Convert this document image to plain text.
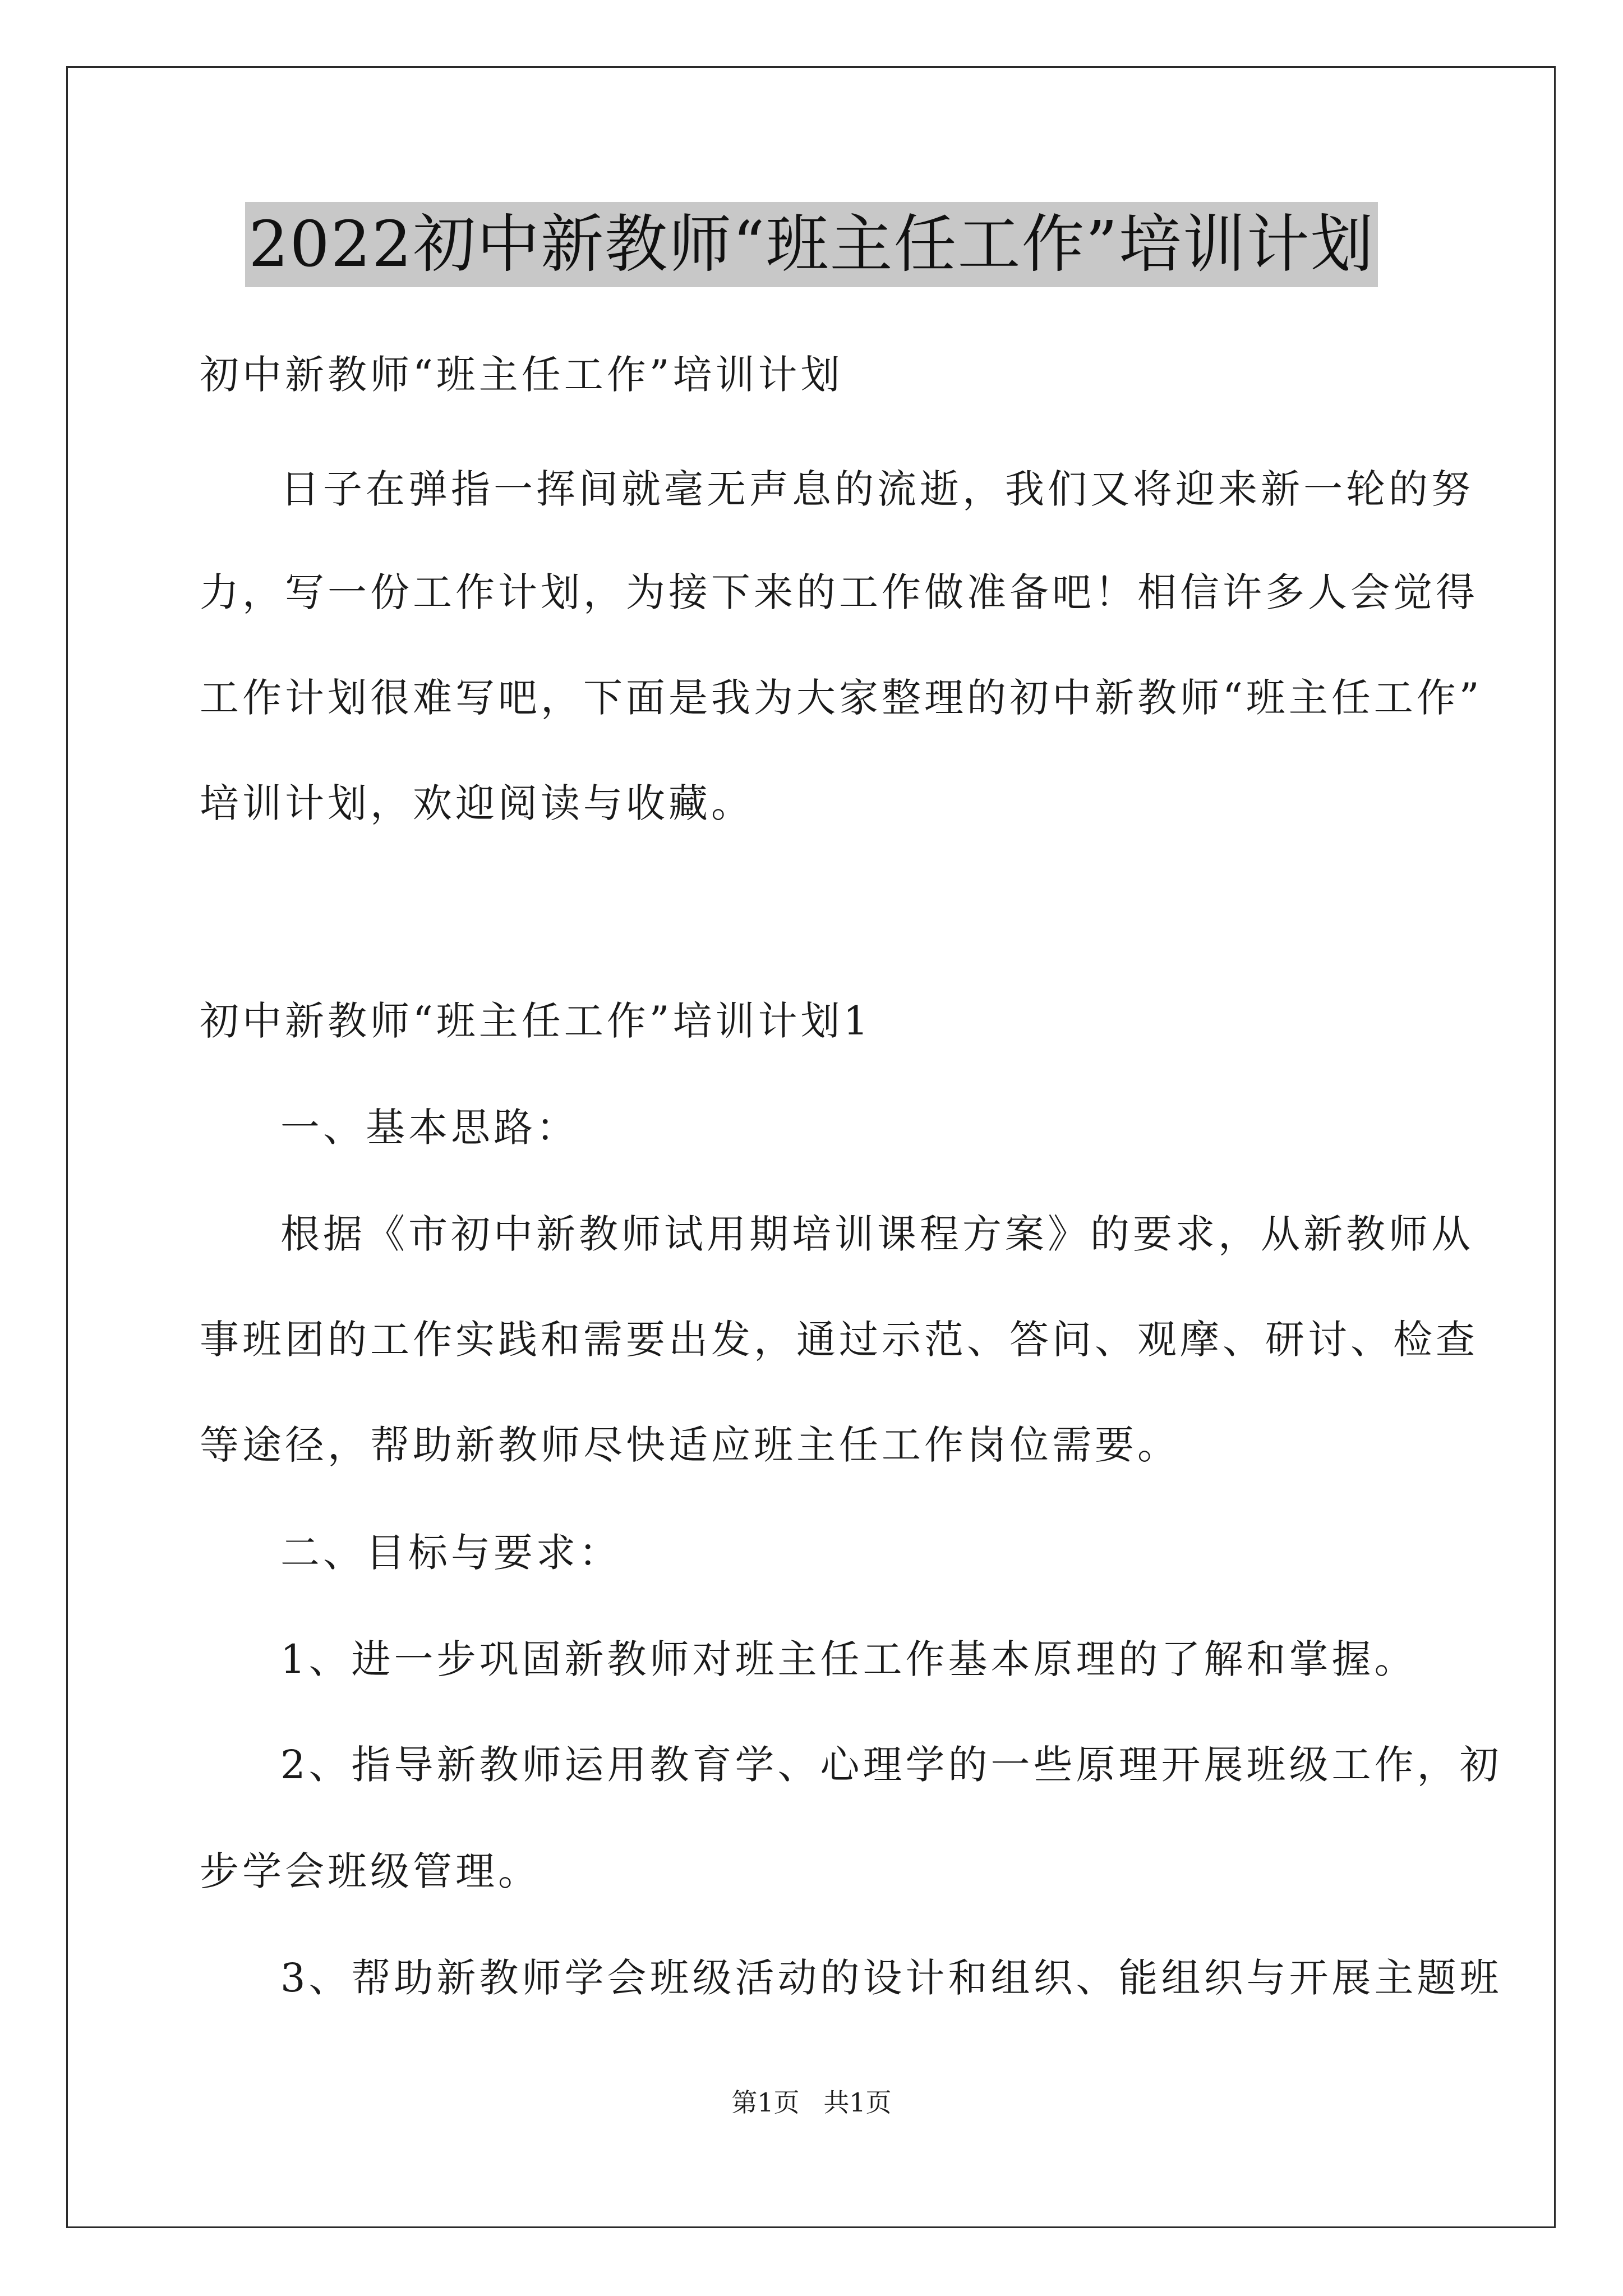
2022初中新教师“班主任工作”培训计划
初中新教师“班主任工作”培训计划
日子在弹指一挥间就毫无声息的流逝，我们又将迎来新一轮的努
力，写一份工作计划，为接下来的工作做准备吧！相信许多人会觉得
工作计划很难写吧，下面是我为大家整理的初中新教师“班主任工作”
培训计划，欢迎阅读与收藏。
初中新教师“班主任工作”培训计划1
一、基本思路：
根据《市初中新教师试用期培训课程方案》的要求，从新教师从
事班团的工作实践和需要出发，通过示范、答问、观摩、研讨、检查
等途径，帮助新教师尽快适应班主任工作岗位需要。
二、目标与要求：
1、进一步巩固新教师对班主任工作基本原理的了解和掌握。
2、指导新教师运用教育学、心理学的一些原理开展班级工作，初
步学会班级管理。
3、帮助新教师学会班级活动的设计和组织、能组织与开展主题班
第1页 共1页
